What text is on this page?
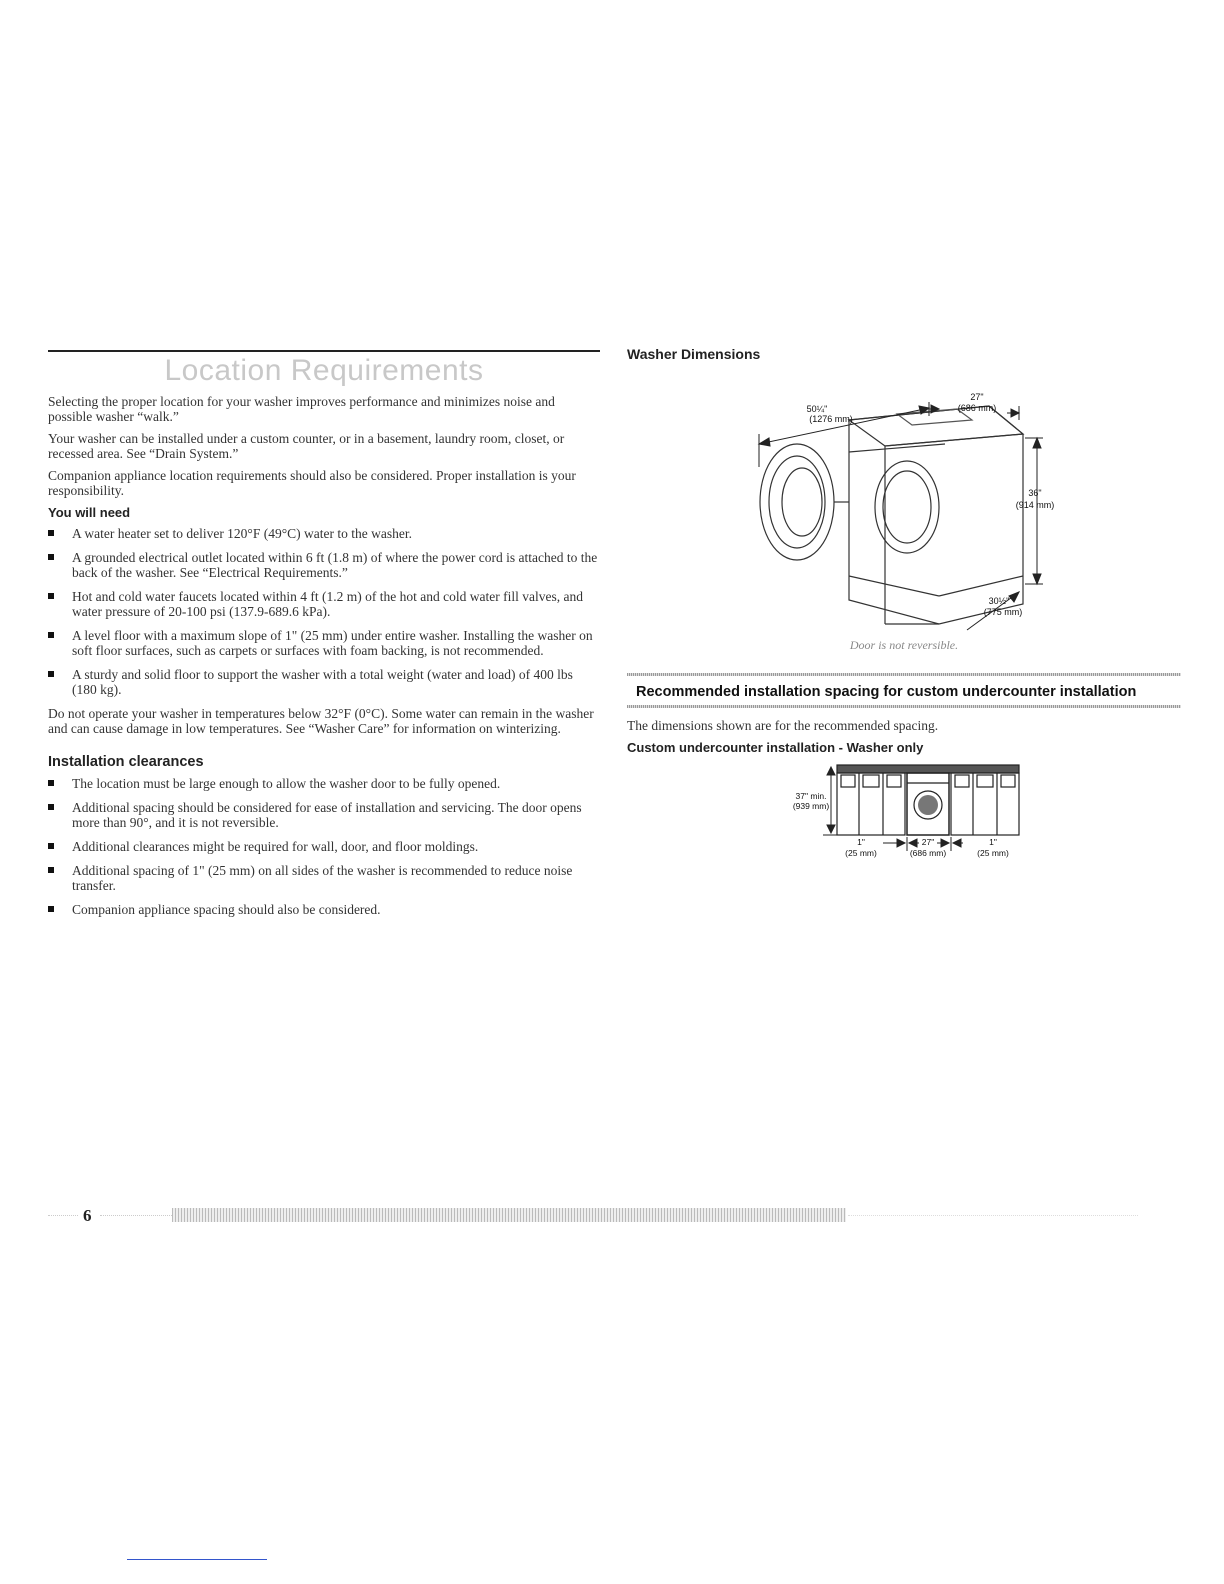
Location Requirements

Selecting the proper location for your washer improves performance and minimizes noise and possible washer “walk.”

Your washer can be installed under a custom counter, or in a basement, laundry room, closet, or recessed area. See “Drain System.”

Companion appliance location requirements should also be considered. Proper installation is your responsibility.

You will need
A water heater set to deliver 120°F (49°C) water to the washer.
A grounded electrical outlet located within 6 ft (1.8 m) of where the power cord is attached to the back of the washer. See “Electrical Requirements.”
Hot and cold water faucets located within 4 ft (1.2 m) of the hot and cold water fill valves, and water pressure of 20-100 psi (137.9-689.6 kPa).
A level floor with a maximum slope of 1" (25 mm) under entire washer. Installing the washer on soft floor surfaces, such as carpets or surfaces with foam backing, is not recommended.
A sturdy and solid floor to support the washer with a total weight (water and load) of 400 lbs (180 kg).

Do not operate your washer in temperatures below 32°F (0°C). Some water can remain in the washer and can cause damage in low temperatures. See “Washer Care” for information on winterizing.

Installation clearances
The location must be large enough to allow the washer door to be fully opened.
Additional spacing should be considered for ease of installation and servicing. The door opens more than 90°, and it is not reversible.
Additional clearances might be required for wall, door, and floor moldings.
Additional spacing of 1" (25 mm) on all sides of the washer is recommended to reduce noise transfer.
Companion appliance spacing should also be considered.
Washer Dimensions
50¼"
(1276 mm)
27"
(686 mm)
36"
(914 mm)
30½"
(775 mm)
Door is not reversible.
Recommended installation spacing for custom undercounter installation

The dimensions shown are for the recommended spacing.

Custom undercounter installation - Washer only
37" min.
(939 mm)
1"
(25 mm)
27"
(686 mm)
1"
(25 mm)
6
